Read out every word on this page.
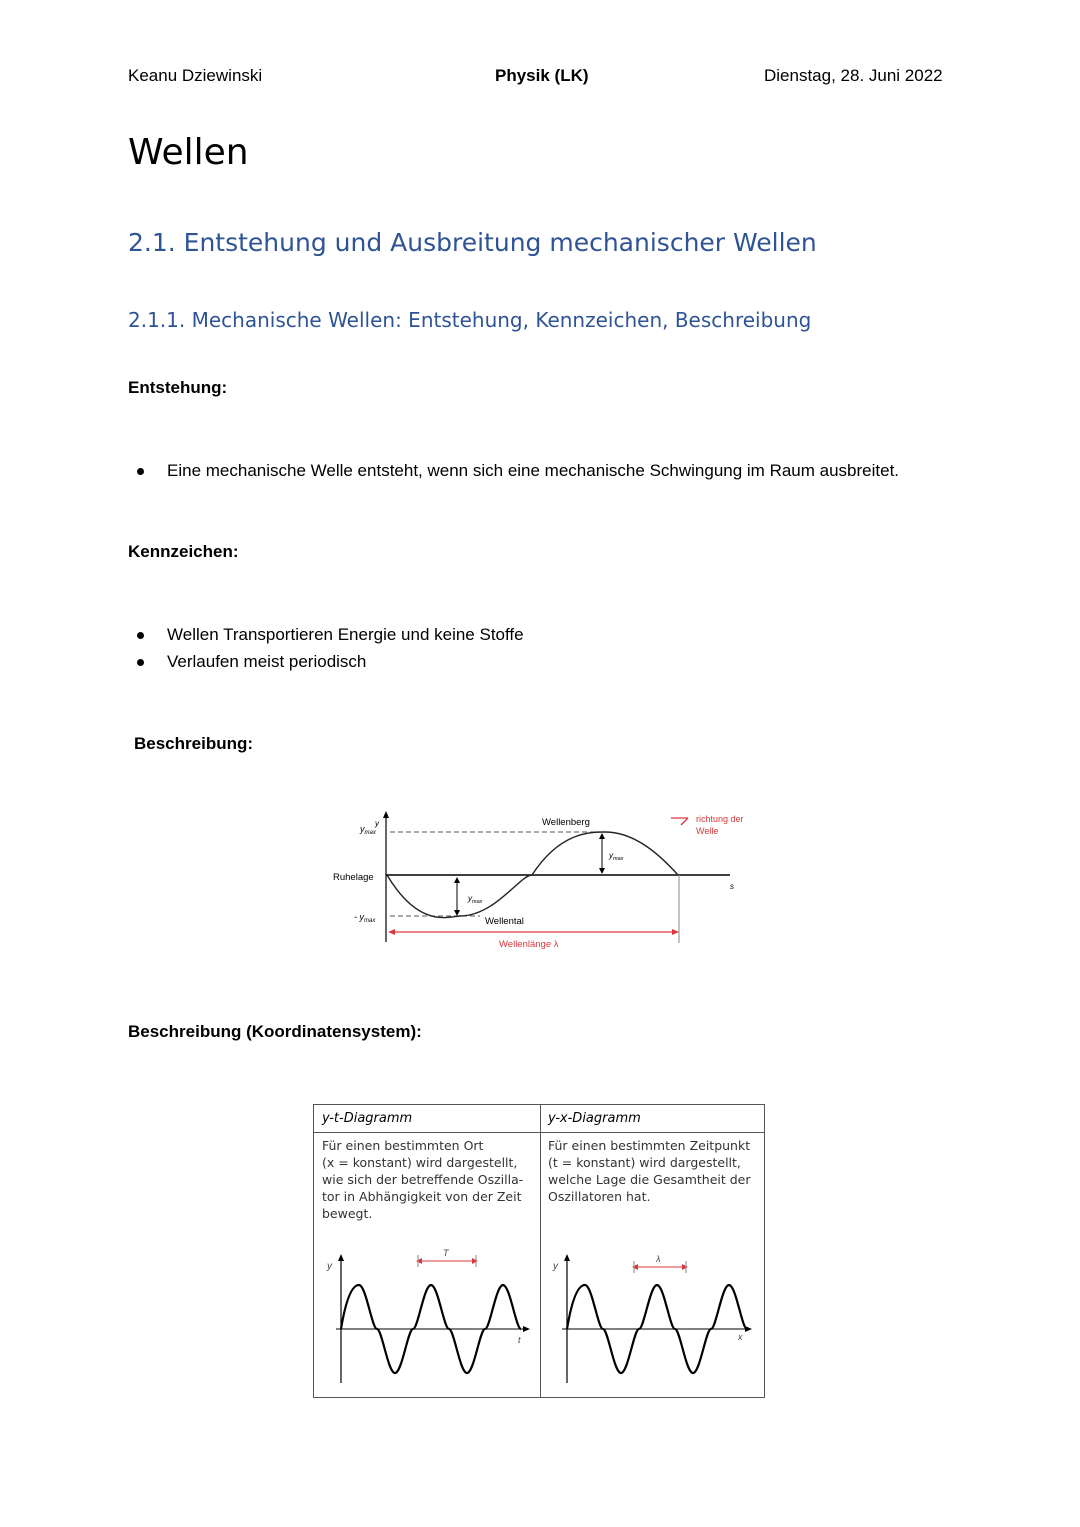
Keanu Dziewinski	Physik (LK)	Dienstag, 28. Juni 2022
Wellen
2.1. Entstehung und Ausbreitung mechanischer Wellen
2.1.1. Mechanische Wellen: Entstehung, Kennzeichen, Beschreibung
Entstehung:
Eine mechanische Welle entsteht, wenn sich eine mechanische Schwingung im Raum ausbreitet.
Kennzeichen:
Wellen Transportieren Energie und keine Stoffe
Verlaufen meist periodisch
Beschreibung:
y
$y_{max}$
Ruhelage
- $y_{max}$
$y_{max}$
$y_{max}$
Wellenberg
Wellental
Wellenlänge λ
richtung der
Welle
s
Beschreibung (Koordinatensystem):
y-t-Diagramm
Für einen bestimmten Ort
(x = konstant) wird dargestellt,
wie sich der betreffende Oszilla-
tor in Abhängigkeit von der Zeit
bewegt.
y
T
t
y-x-Diagramm
Für einen bestimmten Zeitpunkt
(t = konstant) wird dargestellt,
welche Lage die Gesamtheit der
Oszillatoren hat.
y
λ
x
